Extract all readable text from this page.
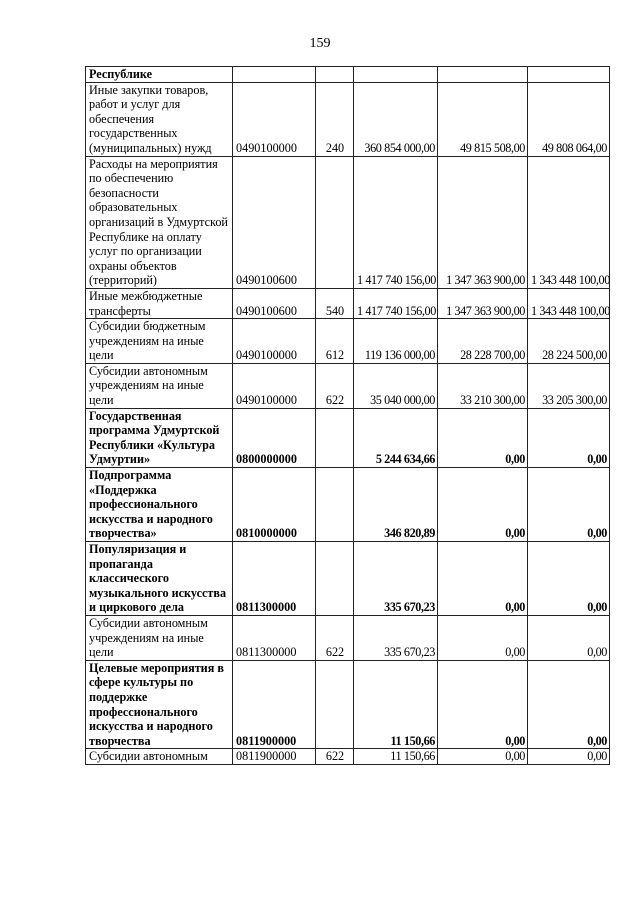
159
Республике					
Иные закупки товаров, работ и услуг для обеспечения государственных (муниципальных) нужд	0490100000	240	360 854 000,00	49 815 508,00	49 808 064,00
Расходы на мероприятия по обеспечению безопасности образовательных организаций в Удмуртской Республике на оплату услуг по организации охраны объектов (территорий)	0490100600		1 417 740 156,00	1 347 363 900,00	1 343 448 100,00
Иные межбюджетные трансферты	0490100600	540	1 417 740 156,00	1 347 363 900,00	1 343 448 100,00
Субсидии бюджетным учреждениям на иные цели	0490100000	612	119 136 000,00	28 228 700,00	28 224 500,00
Субсидии автономным учреждениям на иные цели	0490100000	622	35 040 000,00	33 210 300,00	33 205 300,00
Государственная программа Удмуртской Республики «Культура Удмуртии»	0800000000		5 244 634,66	0,00	0,00
Подпрограмма «Поддержка профессионального искусства и народного творчества»	0810000000		346 820,89	0,00	0,00
Популяризация и пропаганда классического музыкального искусства и циркового дела	0811300000		335 670,23	0,00	0,00
Субсидии автономным учреждениям на иные цели	0811300000	622	335 670,23	0,00	0,00
Целевые мероприятия в сфере культуры по поддержке профессионального искусства и народного творчества	0811900000		11 150,66	0,00	0,00
Субсидии автономным	0811900000	622	11 150,66	0,00	0,00
